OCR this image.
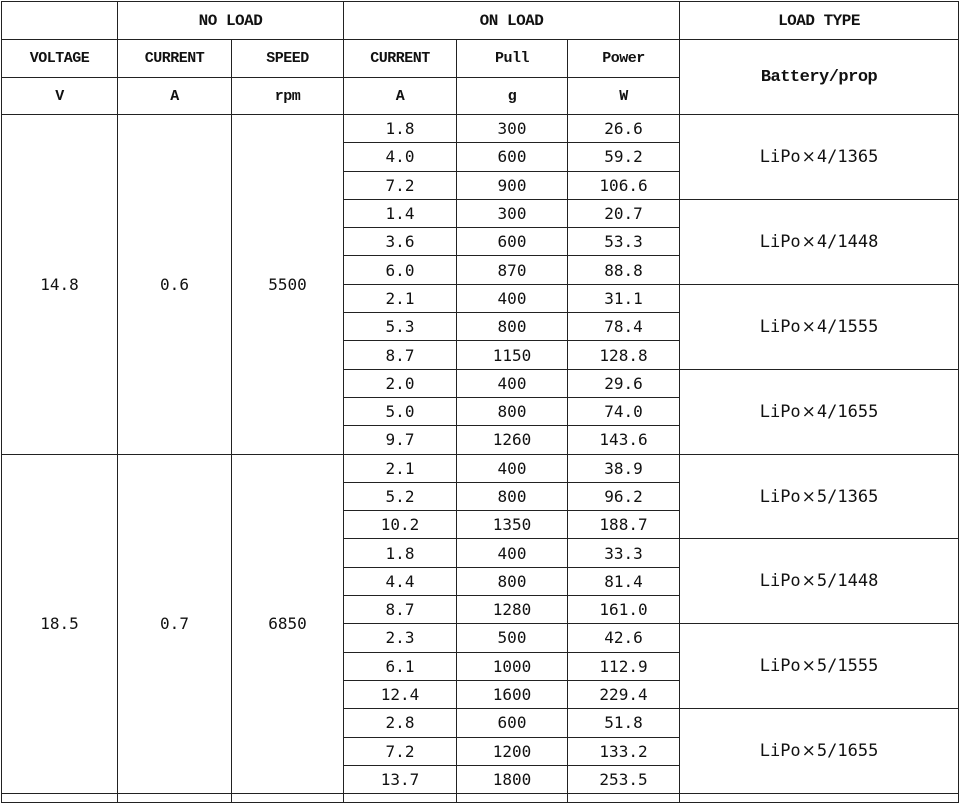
	NO LOAD		ON LOAD			LOAD TYPE
VOLTAGE	CURRENT	SPEED	CURRENT	Pull	Power	Battery/prop
V	A	rpm	A	g	W	
14.8	0.6	5500	1.8	300	26.6	LiPo×4/1365
			4.0	600	59.2	
			7.2	900	106.6	
			1.4	300	20.7	LiPo×4/1448
			3.6	600	53.3	
			6.0	870	88.8	
			2.1	400	31.1	LiPo×4/1555
			5.3	800	78.4	
			8.7	1150	128.8	
			2.0	400	29.6	LiPo×4/1655
			5.0	800	74.0	
			9.7	1260	143.6	
18.5	0.7	6850	2.1	400	38.9	LiPo×5/1365
			5.2	800	96.2	
			10.2	1350	188.7	
			1.8	400	33.3	LiPo×5/1448
			4.4	800	81.4	
			8.7	1280	161.0	
			2.3	500	42.6	LiPo×5/1555
			6.1	1000	112.9	
			12.4	1600	229.4	
			2.8	600	51.8	LiPo×5/1655
			7.2	1200	133.2	
			13.7	1800	253.5	
